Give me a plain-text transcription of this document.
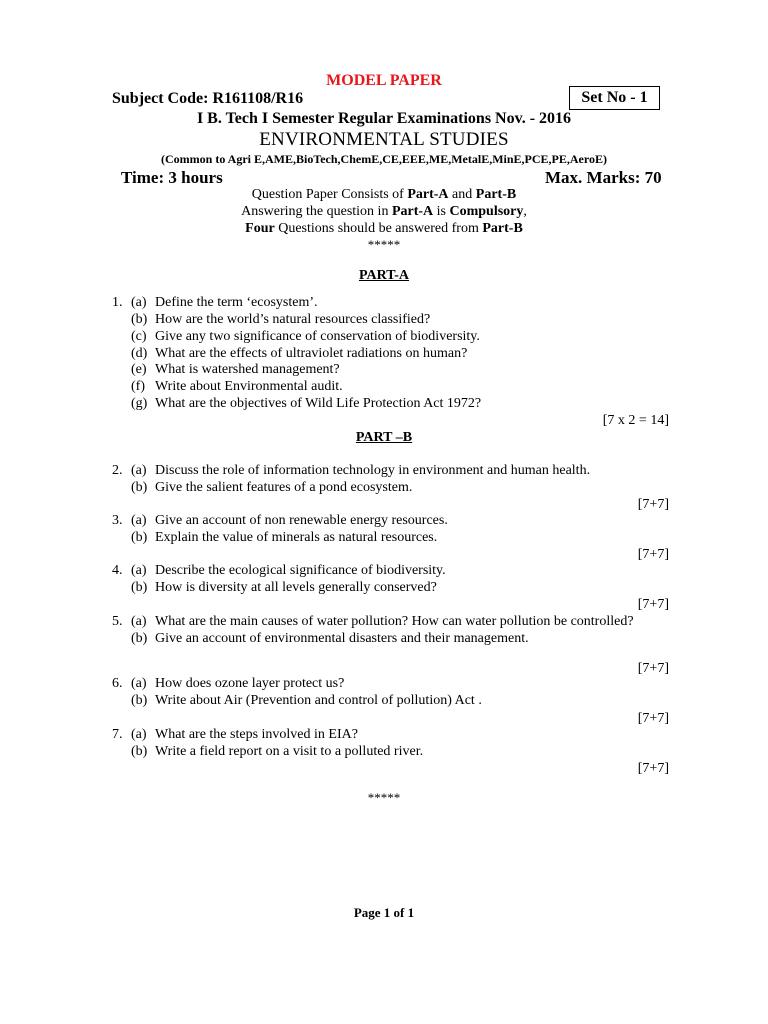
MODEL PAPER
Subject Code: R161108/R16	Set No - 1
I B. Tech I Semester Regular Examinations Nov. - 2016
ENVIRONMENTAL STUDIES
(Common to Agri E,AME,BioTech,ChemE,CE,EEE,ME,MetalE,MinE,PCE,PE,AeroE)
Time: 3 hours	Max. Marks: 70
Question Paper Consists of Part-A and Part-B
Answering the question in Part-A is Compulsory,
Four Questions should be answered from Part-B
*****
PART-A
1. (a) Define the term ‘ecosystem’.
(b) How are the world’s natural resources classified?
(c) Give any two significance of conservation of biodiversity.
(d) What are the effects of ultraviolet radiations on human?
(e) What is watershed management?
(f) Write about Environmental audit.
(g) What are the objectives of Wild Life Protection Act 1972?
[7 x 2 = 14]
PART –B
2. (a) Discuss the role of information technology in environment and human health.
(b) Give the salient features of a pond ecosystem.
[7+7]
3. (a) Give an account of non renewable energy resources.
(b) Explain the value of minerals as natural resources.
[7+7]
4. (a) Describe the ecological significance of biodiversity.
(b) How is diversity at all levels generally conserved?
[7+7]
5. (a) What are the main causes of water pollution? How can water pollution be controlled?
(b) Give an account of environmental disasters and their management.
[7+7]
6. (a) How does ozone layer protect us?
(b) Write about Air (Prevention and control of pollution) Act .
[7+7]
7. (a) What are the steps involved in EIA?
(b) Write a field report on a visit to a polluted river.
[7+7]
*****
Page 1 of 1
